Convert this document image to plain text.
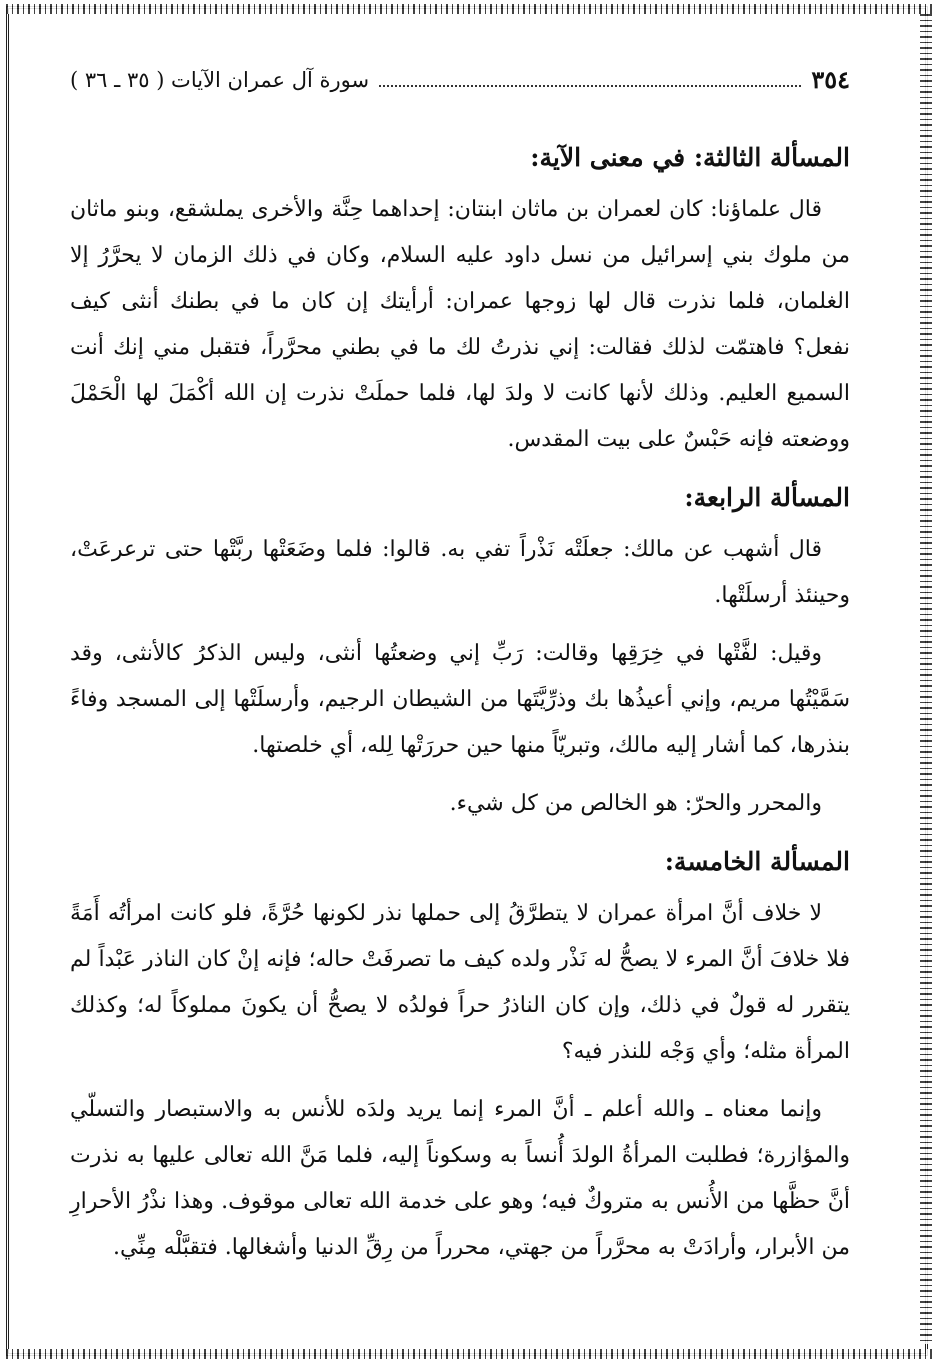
٣٥٤
سورة آل عمران الآيات ( ٣٥ ـ ٣٦ )
المسألة الثالثة: في معنى الآية:

قال علماؤنا: كان لعمران بن ماثان ابنتان: إحداهما حِنَّة والأخرى يملشقع، وبنو ماثان من ملوك بني إسرائيل من نسل داود عليه السلام، وكان في ذلك الزمان لا يحرَّرُ إلا الغلمان، فلما نذرت قال لها زوجها عمران: أرأيتك إن كان ما في بطنك أنثى كيف نفعل؟ فاهتمّت لذلك فقالت: إني نذرتُ لك ما في بطني محرَّراً، فتقبل مني إنك أنت السميع العليم. وذلك لأنها كانت لا ولدَ لها، فلما حملَتْ نذرت إن الله أكْمَلَ لها الْحَمْلَ ووضعته فإنه حَبْسٌ على بيت المقدس.

المسألة الرابعة:

قال أشهب عن مالك: جعلَتْه نَذْراً تفي به. قالوا: فلما وضَعَتْها ربَّتْها حتى ترعرعَتْ، وحينئذ أرسلَتْها.

وقيل: لفَّتْها في خِرَقِها وقالت: رَبِّ إني وضعتُها أنثى، وليس الذكرُ كالأنثى، وقد سَمَّيْتُها مريم، وإني أعيذُها بك وذرِّيَّتَها من الشيطان الرجيم، وأرسلَتْها إلى المسجد وفاءً بنذرها، كما أشار إليه مالك، وتبريّاً منها حين حررَتْها لِله، أي خلصتها.

والمحرر والحرّ: هو الخالص من كل شيء.

المسألة الخامسة:

لا خلاف أنَّ امرأة عمران لا يتطرَّقُ إلى حملها نذر لكونها حُرَّةً، فلو كانت امرأتُه أَمَةً فلا خلافَ أنَّ المرء لا يصحُّ له نَذْر ولده كيف ما تصرفَتْ حاله؛ فإنه إنْ كان الناذر عَبْداً لم يتقرر له قولٌ في ذلك، وإن كان الناذرُ حراً فولدُه لا يصحُّ أن يكونَ مملوكاً له؛ وكذلك المرأة مثله؛ وأي وَجْه للنذر فيه؟

وإنما معناه ـ والله أعلم ـ أنَّ المرء إنما يريد ولدَه للأنس به والاستبصار والتسلّي والمؤازرة؛ فطلبت المرأةُ الولدَ أُنساً به وسكوناً إليه، فلما مَنَّ الله تعالى عليها به نذرت أنَّ حظَّها من الأُنس به متروكٌ فيه؛ وهو على خدمة الله تعالى موقوف. وهذا نذْرُ الأحرارِ من الأبرار، وأرادَتْ به محرَّراً من جهتي، محرراً من رِقِّ الدنيا وأشغالها. فتقبَّلْه مِنِّي.
